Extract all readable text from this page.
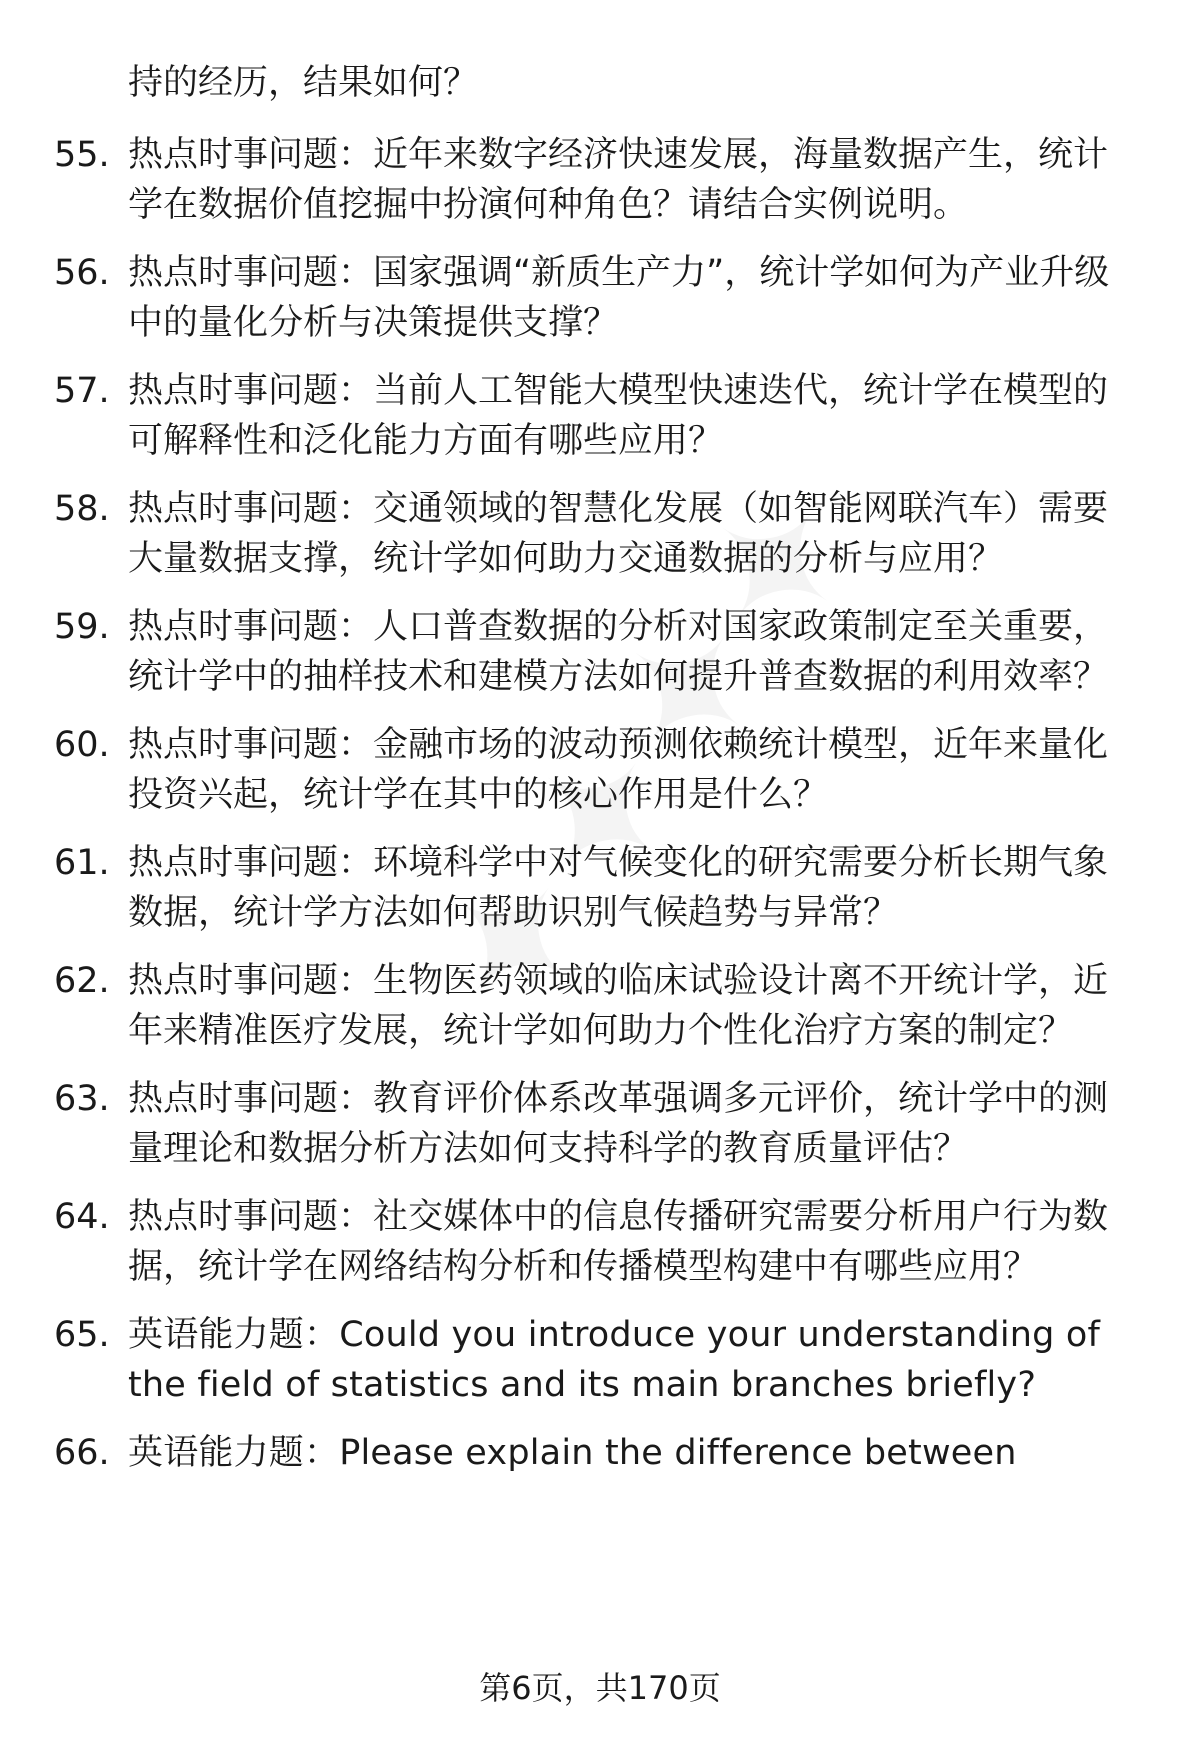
持的经历，结果如何？

55. 热点时事问题：近年来数字经济快速发展，海量数据产生，统计学在数据价值挖掘中扮演何种角色？请结合实例说明。
56. 热点时事问题：国家强调“新质生产力”，统计学如何为产业升级中的量化分析与决策提供支撑？
57. 热点时事问题：当前人工智能大模型快速迭代，统计学在模型的可解释性和泛化能力方面有哪些应用？
58. 热点时事问题：交通领域的智慧化发展（如智能网联汽车）需要大量数据支撑，统计学如何助力交通数据的分析与应用？
59. 热点时事问题：人口普查数据的分析对国家政策制定至关重要，统计学中的抽样技术和建模方法如何提升普查数据的利用效率？
60. 热点时事问题：金融市场的波动预测依赖统计模型，近年来量化投资兴起，统计学在其中的核心作用是什么？
61. 热点时事问题：环境科学中对气候变化的研究需要分析长期气象数据，统计学方法如何帮助识别气候趋势与异常？
62. 热点时事问题：生物医药领域的临床试验设计离不开统计学，近年来精准医疗发展，统计学如何助力个性化治疗方案的制定？
63. 热点时事问题：教育评价体系改革强调多元评价，统计学中的测量理论和数据分析方法如何支持科学的教育质量评估？
64. 热点时事问题：社交媒体中的信息传播研究需要分析用户行为数据，统计学在网络结构分析和传播模型构建中有哪些应用？
65. 英语能力题：Could you introduce your understanding of the field of statistics and its main branches briefly?
66. 英语能力题：Please explain the difference between
第6页，共170页
